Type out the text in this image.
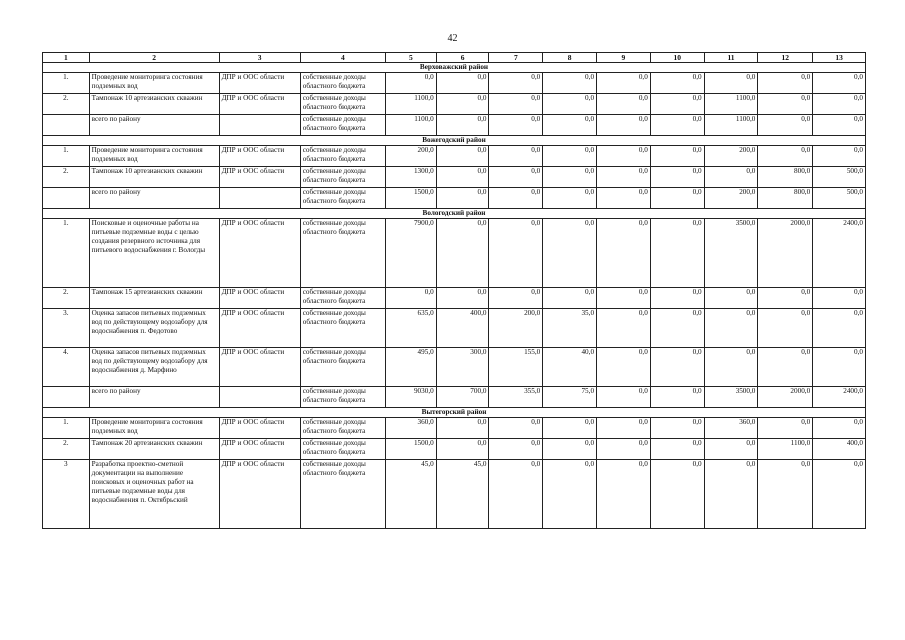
42
1	2	3	4	5	6	7	8	9	10	11	12	13
Верховажский район												
1.	Проведение мониторинга состояния подземных вод	ДПР и ООС области	собственные доходы областного бюджета	0,0	0,0	0,0	0,0	0,0	0,0	0,0	0,0	0,0
2.	Тампонаж 10 артезианских скважин	ДПР и ООС области	собственные доходы областного бюджета	1100,0	0,0	0,0	0,0	0,0	0,0	1100,0	0,0	0,0
	всего по району		собственные доходы областного бюджета	1100,0	0,0	0,0	0,0	0,0	0,0	1100,0	0,0	0,0
Вожегодский район												
1.	Проведение мониторинга состояния подземных вод	ДПР и ООС области	собственные доходы областного бюджета	200,0	0,0	0,0	0,0	0,0	0,0	200,0	0,0	0,0
2.	Тампонаж 10 артезианских скважин	ДПР и ООС области	собственные доходы областного бюджета	1300,0	0,0	0,0	0,0	0,0	0,0	0,0	800,0	500,0
	всего по району		собственные доходы областного бюджета	1500,0	0,0	0,0	0,0	0,0	0,0	200,0	800,0	500,0
Вологодский район												
1.	Поисковые и оценочные работы на питьевые подземные воды с целью создания резервного источника для питьевого водоснабжения г. Вологды	ДПР и ООС области	собственные доходы областного бюджета	7900,0	0,0	0,0	0,0	0,0	0,0	3500,0	2000,0	2400,0
2.	Тампонаж 15 артезианских скважин	ДПР и ООС области	собственные доходы областного бюджета	0,0	0,0	0,0	0,0	0,0	0,0	0,0	0,0	0,0
3.	Оценка запасов питьевых подземных вод по действующему водозабору для водоснабжения п. Федотово	ДПР и ООС области	собственные доходы областного бюджета	635,0	400,0	200,0	35,0	0,0	0,0	0,0	0,0	0,0
4.	Оценка запасов питьевых подземных вод по действующему водозабору для водоснабжения д. Марфино	ДПР и ООС области	собственные доходы областного бюджета	495,0	300,0	155,0	40,0	0,0	0,0	0,0	0,0	0,0
	всего по району		собственные доходы областного бюджета	9030,0	700,0	355,0	75,0	0,0	0,0	3500,0	2000,0	2400,0
Вытегорский район												
1.	Проведение мониторинга состояния подземных вод	ДПР и ООС области	собственные доходы областного бюджета	360,0	0,0	0,0	0,0	0,0	0,0	360,0	0,0	0,0
2.	Тампонаж 20 артезианских скважин	ДПР и ООС области	собственные доходы областного бюджета	1500,0	0,0	0,0	0,0	0,0	0,0	0,0	1100,0	400,0
3	Разработка проектно-сметной документации на выполнение поисковых и оценочных работ на питьевые подземные воды для водоснабжения п. Октябрьский	ДПР и ООС области	собственные доходы областного бюджета	45,0	45,0	0,0	0,0	0,0	0,0	0,0	0,0	0,0
